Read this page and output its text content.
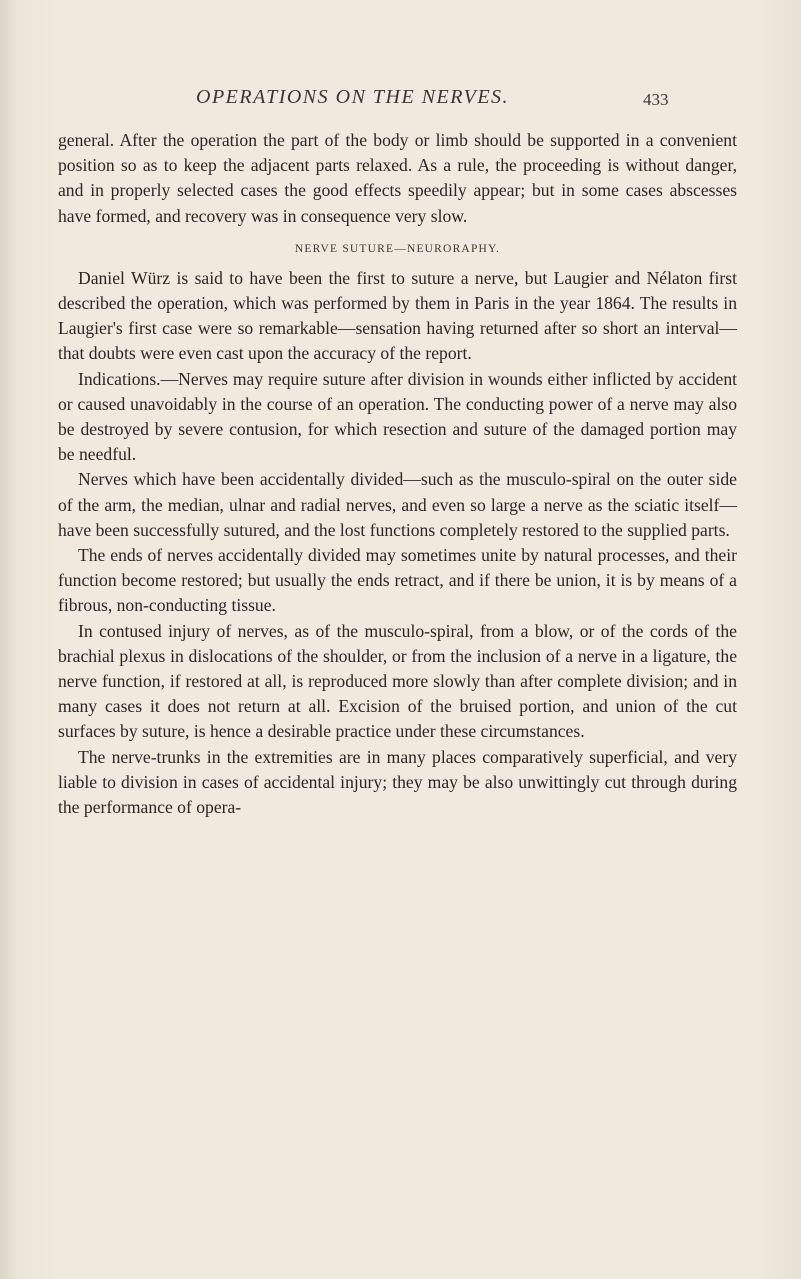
OPERATIONS ON THE NERVES.	433

general. After the operation the part of the body or limb should be supported in a convenient position so as to keep the adjacent parts relaxed. As a rule, the proceeding is without danger, and in properly selected cases the good effects speedily appear; but in some cases abscesses have formed, and recovery was in consequence very slow.

NERVE SUTURE—NEURORAPHY.

Daniel Würz is said to have been the first to suture a nerve, but Laugier and Nélaton first described the operation, which was performed by them in Paris in the year 1864. The results in Laugier's first case were so remarkable—sensation having returned after so short an interval—that doubts were even cast upon the accuracy of the report.

Indications.—Nerves may require suture after division in wounds either inflicted by accident or caused unavoidably in the course of an operation. The conducting power of a nerve may also be destroyed by severe contusion, for which resection and suture of the damaged portion may be needful.

Nerves which have been accidentally divided—such as the musculo-spiral on the outer side of the arm, the median, ulnar and radial nerves, and even so large a nerve as the sciatic itself—have been successfully sutured, and the lost functions completely restored to the supplied parts.

The ends of nerves accidentally divided may sometimes unite by natural processes, and their function become restored; but usually the ends retract, and if there be union, it is by means of a fibrous, non-conducting tissue.

In contused injury of nerves, as of the musculo-spiral, from a blow, or of the cords of the brachial plexus in dislocations of the shoulder, or from the inclusion of a nerve in a ligature, the nerve function, if restored at all, is reproduced more slowly than after complete division; and in many cases it does not return at all. Excision of the bruised portion, and union of the cut surfaces by suture, is hence a desirable practice under these circumstances.

The nerve-trunks in the extremities are in many places comparatively superficial, and very liable to division in cases of accidental injury; they may be also unwittingly cut through during the performance of opera-
